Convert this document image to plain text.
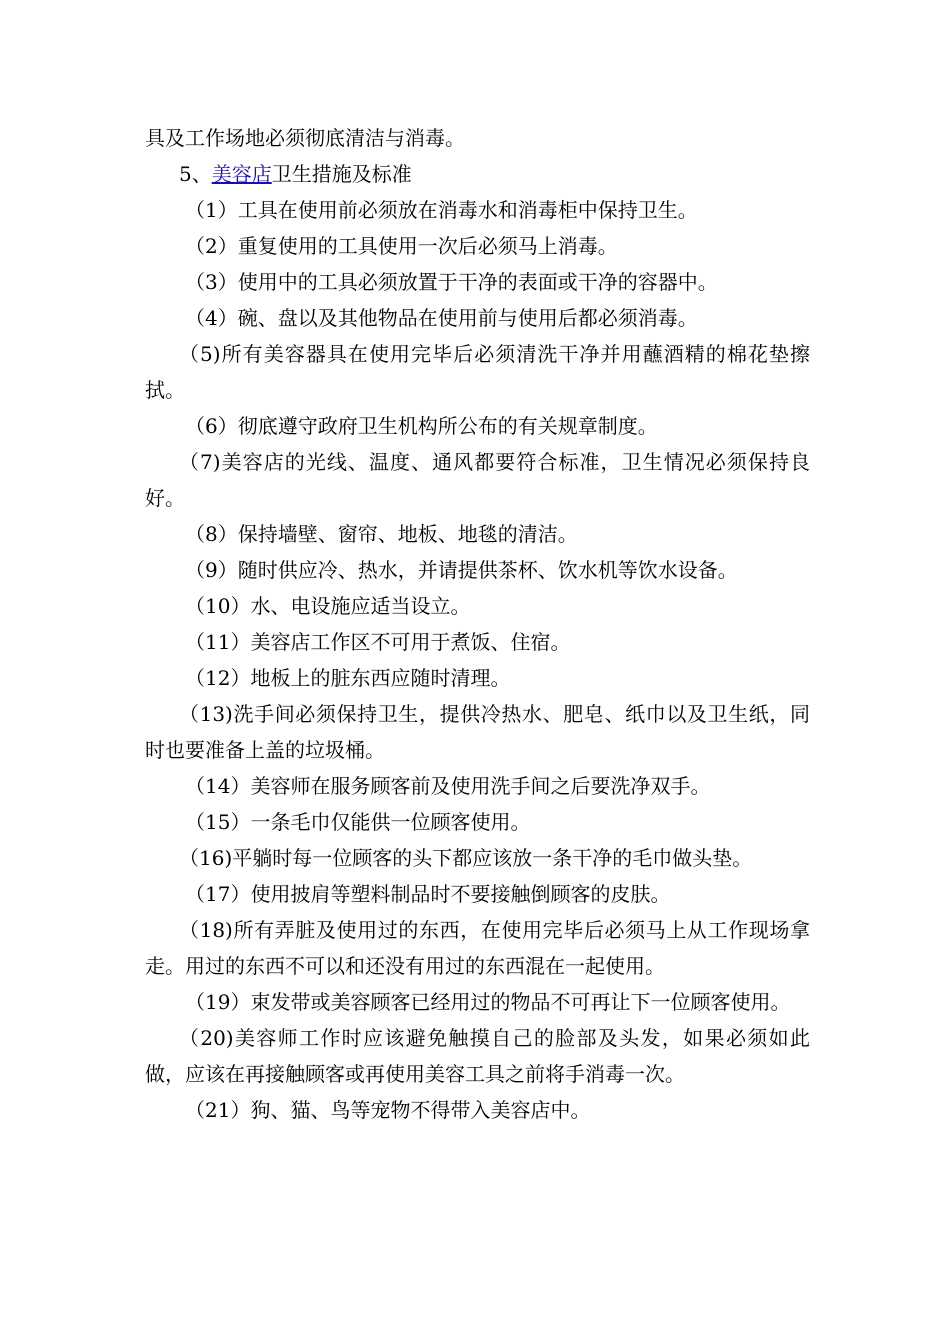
具及工作场地必须彻底清洁与消毒。
5、美容店卫生措施及标准
（1）工具在使用前必须放在消毒水和消毒柜中保持卫生。
（2）重复使用的工具使用一次后必须马上消毒。
（3）使用中的工具必须放置于干净的表面或干净的容器中。
（4）碗、盘以及其他物品在使用前与使用后都必须消毒。
（5)所有美容器具在使用完毕后必须清洗干净并用蘸酒精的棉花垫擦拭。
（6）彻底遵守政府卫生机构所公布的有关规章制度。
（7)美容店的光线、温度、通风都要符合标准，卫生情况必须保持良好。
（8）保持墙壁、窗帘、地板、地毯的清洁。
（9）随时供应冷、热水，并请提供茶杯、饮水机等饮水设备。
（10）水、电设施应适当设立。
（11）美容店工作区不可用于煮饭、住宿。
（12）地板上的脏东西应随时清理。
（13)洗手间必须保持卫生，提供冷热水、肥皂、纸巾以及卫生纸，同时也要准备上盖的垃圾桶。
（14）美容师在服务顾客前及使用洗手间之后要洗净双手。
（15）一条毛巾仅能供一位顾客使用。
（16)平躺时每一位顾客的头下都应该放一条干净的毛巾做头垫。
（17）使用披肩等塑料制品时不要接触倒顾客的皮肤。
（18)所有弄脏及使用过的东西，在使用完毕后必须马上从工作现场拿走。用过的东西不可以和还没有用过的东西混在一起使用。
（19）束发带或美容顾客已经用过的物品不可再让下一位顾客使用。
（20)美容师工作时应该避免触摸自己的脸部及头发，如果必须如此做，应该在再接触顾客或再使用美容工具之前将手消毒一次。
（21）狗、猫、鸟等宠物不得带入美容店中。
